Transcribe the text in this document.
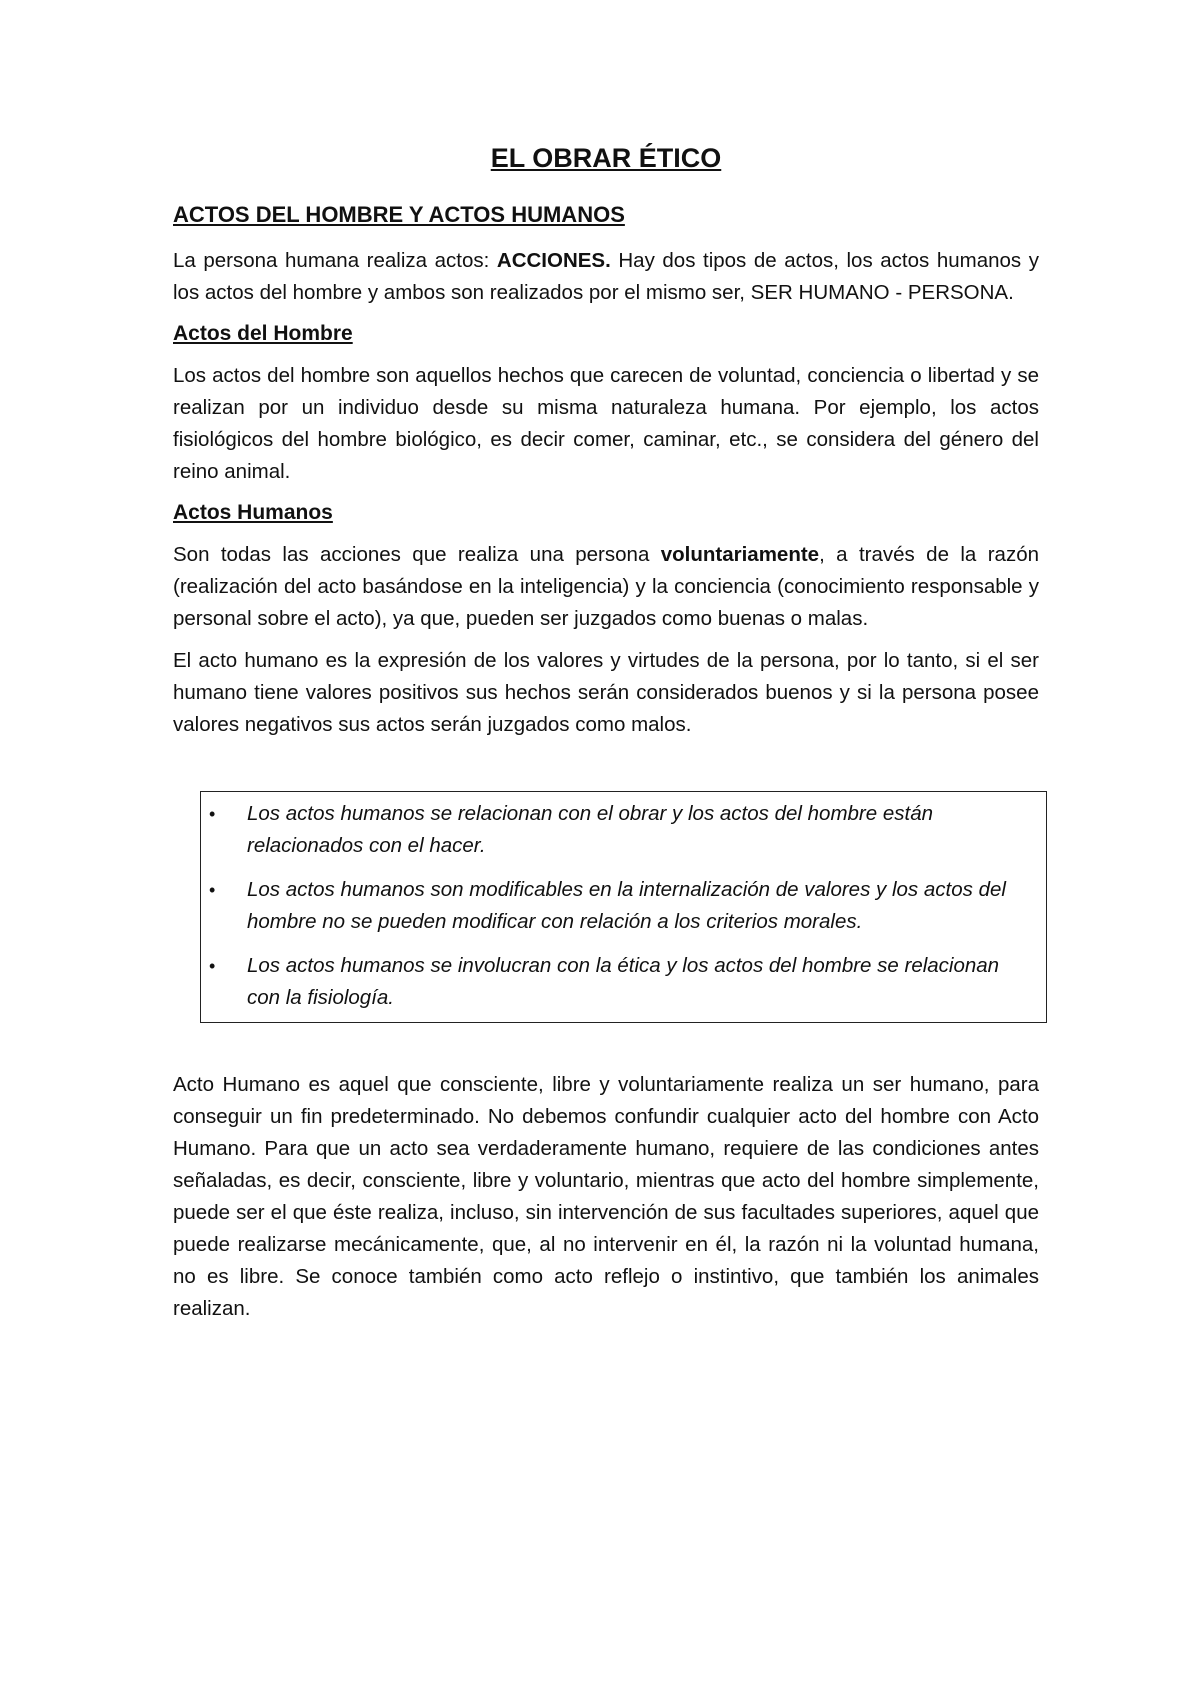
EL OBRAR ÉTICO
ACTOS DEL HOMBRE Y ACTOS HUMANOS

La persona humana realiza actos: ACCIONES. Hay dos tipos de actos, los actos humanos y los actos del hombre y ambos son realizados por el mismo ser, SER HUMANO - PERSONA.

Actos del Hombre

Los actos del hombre son aquellos hechos que carecen de voluntad, conciencia o libertad y se realizan por un individuo desde su misma naturaleza humana. Por ejemplo, los actos fisiológicos del hombre biológico, es decir comer, caminar, etc., se considera del género del reino animal.

Actos Humanos

Son todas las acciones que realiza una persona voluntariamente, a través de la razón (realización del acto basándose en la inteligencia) y la conciencia (conocimiento responsable y personal sobre el acto), ya que, pueden ser juzgados como buenas o malas.

El acto humano es la expresión de los valores y virtudes de la persona, por lo tanto, si el ser humano tiene valores positivos sus hechos serán considerados buenos y si la persona posee valores negativos sus actos serán juzgados como malos.

•	Los actos humanos se relacionan con el obrar y los actos del hombre están relacionados con el hacer.
•	Los actos humanos son modificables en la internalización de valores y los actos del hombre no se pueden modificar con relación a los criterios morales.
•	Los actos humanos se involucran con la ética y los actos del hombre se relacionan con la fisiología.

Acto Humano es aquel que consciente, libre y voluntariamente realiza un ser humano, para conseguir un fin predeterminado. No debemos confundir cualquier acto del hombre con Acto Humano. Para que un acto sea verdaderamente humano, requiere de las condiciones antes señaladas, es decir, consciente, libre y voluntario, mientras que acto del hombre simplemente, puede ser el que éste realiza, incluso, sin intervención de sus facultades superiores, aquel que puede realizarse mecánicamente, que, al no intervenir en él, la razón ni la voluntad humana, no es libre. Se conoce también como acto reflejo o instintivo, que también los animales realizan.
